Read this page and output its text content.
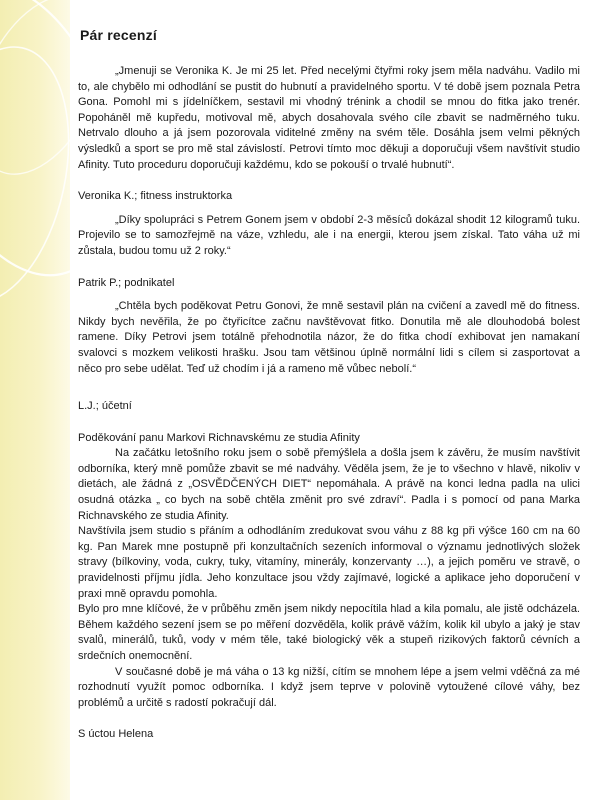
Pár recenzí

„Jmenuji se Veronika K. Je mi 25 let. Před necelými čtyřmi roky jsem měla nadváhu. Vadilo mi to, ale chybělo mi odhodlání se pustit do hubnutí a pravidelného sportu. V té době jsem poznala Petra Gona. Pomohl mi s jídelníčkem, sestavil mi vhodný trénink a chodil se mnou do fitka jako trenér. Popoháněl mě kupředu, motivoval mě, abych dosahovala svého cíle zbavit se nadměrného tuku. Netrvalo dlouho a já jsem pozorovala viditelné změny na svém těle. Dosáhla jsem velmi pěkných výsledků a sport se pro mě stal závislostí. Petrovi tímto moc děkuji a doporučuji všem navštívit studio Afinity. Tuto proceduru doporučuji každému, kdo se pokouší o trvalé hubnutí“.

Veronika K.; fitness instruktorka

„Díky spolupráci s Petrem Gonem jsem v období 2-3 měsíců dokázal shodit 12 kilogramů tuku. Projevilo se to samozřejmě na váze, vzhledu, ale i na energii, kterou jsem získal. Tato váha už mi zůstala, budou tomu už 2 roky.“

Patrik P.; podnikatel

„Chtěla bych poděkovat Petru Gonovi, že mně sestavil plán na cvičení a zavedl mě do fitness. Nikdy bych nevěřila, že po čtyřicítce začnu navštěvovat fitko. Donutila mě ale dlouhodobá bolest ramene. Díky Petrovi jsem totálně přehodnotila názor, že do fitka chodí exhibovat jen namakaní svalovci s mozkem velikosti hrašku. Jsou tam většinou úplně normální lidi s cílem si zasportovat a něco pro sebe udělat. Teď už chodím i já a rameno mě vůbec nebolí.“

L.J.; účetní

Poděkování panu Markovi Richnavskému ze studia Afinity

Na začátku letošního roku jsem o sobě přemýšlela a došla jsem k závěru, že musím navštívit odborníka, který mně pomůže zbavit se mé nadváhy. Věděla jsem, že je to všechno v hlavě, nikoliv v dietách, ale žádná z „OSVĚDČENÝCH DIET“ nepomáhala. A právě na konci ledna padla na ulici osudná otázka „ co bych na sobě chtěla změnit pro své zdraví“. Padla i s pomocí od pana Marka Richnavského ze studia Afinity.

Navštívila jsem studio s přáním a odhodláním zredukovat svou váhu z 88 kg při výšce 160 cm na 60 kg. Pan Marek mne postupně při konzultačních sezeních informoval o významu jednotlivých složek stravy (bílkoviny, voda, cukry, tuky, vitamíny, minerály, konzervanty …), a jejich poměru ve stravě, o pravidelnosti příjmu jídla. Jeho konzultace jsou vždy zajímavé, logické a aplikace jeho doporučení v praxi mně opravdu pomohla.

Bylo pro mne klíčové, že v průběhu změn jsem nikdy nepocítila hlad a kila pomalu, ale jistě odcházela. Během každého sezení jsem se po měření dozvěděla, kolik právě vážím, kolik kil ubylo a jaký je stav svalů, minerálů, tuků, vody v mém těle, také biologický věk a stupeň rizikových faktorů cévních a srdečních onemocnění.

V současné době je má váha o 13 kg nižší, cítím se mnohem lépe a jsem velmi vděčná za mé rozhodnutí využít pomoc odborníka. I když jsem teprve v polovině vytoužené cílové váhy, bez problémů a určitě s radostí pokračují dál.

S úctou Helena
